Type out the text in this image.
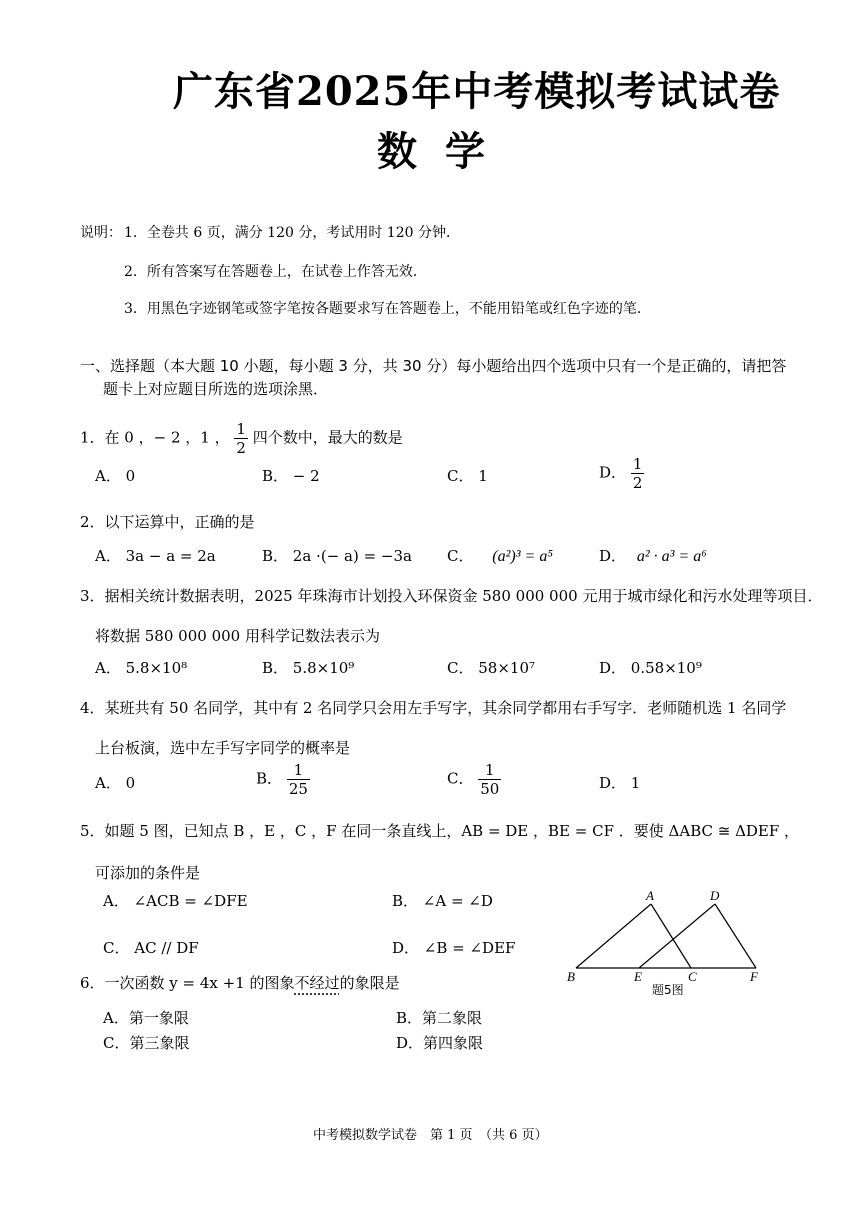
广东省2025年中考模拟考试试卷
数学
说明： 1．全卷共 6 页，满分 120 分，考试用时 120 分钟．
2．所有答案写在答题卷上，在试卷上作答无效．
3．用黑色字迹钢笔或签字笔按各题要求写在答题卷上，不能用铅笔或红色字迹的笔．
一、选择题（本大题 10 小题，每小题 3 分，共 30 分）每小题给出四个选项中只有一个是正确的，请把答
题卡上对应题目所选的选项涂黑．
1．在 0 ，− 2 ，1 ， $\frac{1}{2}$ 四个数中，最大的数是
A． 0	B． − 2	C． 1	D． $\frac{1}{2}$
2．以下运算中，正确的是
A． 3a − a = 2a	B． 2a ·(− a) = −3a C． (a²)³ = a⁵	D． a² · a³ = a⁶
3．据相关统计数据表明，2025 年珠海市计划投入环保资金 580 000 000 元用于城市绿化和污水处理等项目．
将数据 580 000 000 用科学记数法表示为
A． 5.8×10⁸	B． 5.8×10⁹	C． 58×10⁷	D． 0.58×10⁹
4．某班共有 50 名同学，其中有 2 名同学只会用左手写字，其余同学都用右手写字．老师随机选 1 名同学
上台板演，选中左手写字同学的概率是
A． 0	B． $\frac{1}{25}$	C． $\frac{1}{50}$	D． 1
5．如题 5 图，已知点 B ，E ，C ，F 在同一条直线上，AB = DE ，BE = CF ．要使 ΔABC ≅ ΔDEF ，
可添加的条件是
A． ∠ACB = ∠DFE	B． ∠A = ∠D
C． AC // DF	D． ∠B = ∠DEF
A	D
B	E	C	F
题5图
6．一次函数 y = 4x +1 的图象不经过的象限是
A．第一象限	B．第二象限
C．第三象限	D．第四象限
中考模拟数学试卷　第 1 页　（共 6 页）
